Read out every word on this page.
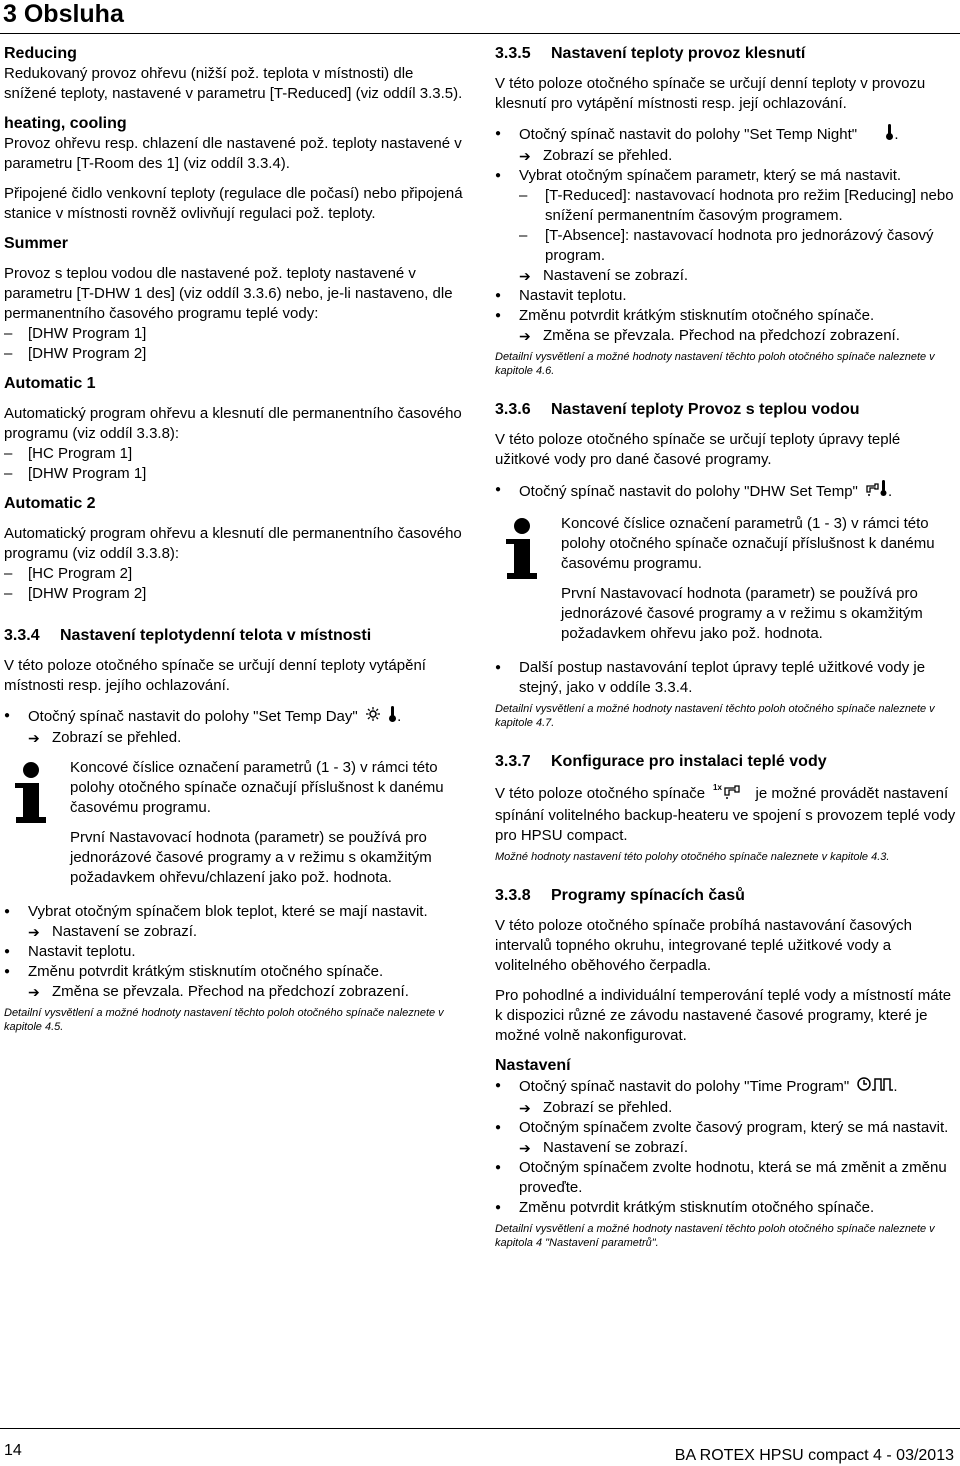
3 Obsluha

Reducing

Redukovaný provoz ohřevu (nižší pož. teplota v místnosti) dle snížené teploty, nastavené v parametru [T-Reduced] (viz oddíl 3.3.5).

heating, cooling

Provoz ohřevu resp. chlazení dle nastavené pož. teploty nastavené v parametru [T-Room des 1] (viz oddíl 3.3.4).

Připojené čidlo venkovní teploty (regulace dle počasí) nebo připojená stanice v místnosti rovněž ovlivňují regulaci pož. teploty.

Summer

Provoz s teplou vodou dle nastavené pož. teploty nastavené v parametru [T-DHW 1 des] (viz oddíl 3.3.6) nebo, je-li nastaveno, dle permanentního časového programu teplé vody:

– [DHW Program 1]
– [DHW Program 2]

Automatic 1

Automatický program ohřevu a klesnutí dle permanentního časového programu (viz oddíl 3.3.8):

– [HC Program 1]
– [DHW Program 1]

Automatic 2

Automatický program ohřevu a klesnutí dle permanentního časového programu (viz oddíl 3.3.8):

– [HC Program 2]
– [DHW Program 2]
3.3.4 Nastavení teplotydenní telota v místnosti

V této poloze otočného spínače se určují denní teploty vytápění místnosti resp. jejího ochlazování.

● Otočný spínač nastavit do polohy "Set Temp Day"	.
➔ Zobrazí se přehled.

Koncové číslice označení parametrů (1 - 3) v rámci této polohy otočného spínače označují příslušnost k danému časovému programu.

První Nastavovací hodnota (parametr) se používá pro jednorázové časové programy a v režimu s okamžitým požadavkem ohřevu/chlazení jako pož. hodnota.

● Vybrat otočným spínačem blok teplot, které se mají nastavit.
➔ Nastavení se zobrazí.
● Nastavit teplotu.
● Změnu potvrdit krátkým stisknutím otočného spínače.
➔ Změna se převzala. Přechod na předchozí zobrazení.

Detailní vysvětlení a možné hodnoty nastavení těchto poloh otočného spínače naleznete v kapitole 4.5.

3.3.5 Nastavení teploty provoz klesnutí

V této poloze otočného spínače se určují denní teploty v provozu klesnutí pro vytápění místnosti resp. její ochlazování.

● Otočný spínač nastavit do polohy "Set Temp Night" .
➔ Zobrazí se přehled.
● Vybrat otočným spínačem parametr, který se má nastavit.
– [T-Reduced]: nastavovací hodnota pro režim [Reducing] nebo snížení permanentním časovým programem.
– [T-Absence]: nastavovací hodnota pro jednorázový časový program.
➔ Nastavení se zobrazí.
● Nastavit teplotu.
● Změnu potvrdit krátkým stisknutím otočného spínače.
➔ Změna se převzala. Přechod na předchozí zobrazení.

Detailní vysvětlení a možné hodnoty nastavení těchto poloh otočného spínače naleznete v kapitole 4.6.

3.3.6 Nastavení teploty Provoz s teplou vodou

V této poloze otočného spínače se určují teploty úpravy teplé užitkové vody pro dané časové programy.

● Otočný spínač nastavit do polohy "DHW Set Temp" .

Koncové číslice označení parametrů (1 - 3) v rámci této polohy otočného spínače označují příslušnost k danému časovému programu.

První Nastavovací hodnota (parametr) se používá pro jednorázové časové programy a v režimu s okamžitým požadavkem ohřevu jako pož. hodnota.

● Další postup nastavování teplot úpravy teplé užitkové vody je stejný, jako v oddíle 3.3.4.

Detailní vysvětlení a možné hodnoty nastavení těchto poloh otočného spínače naleznete v kapitole 4.7.

3.3.7 Konfigurace pro instalaci teplé vody

V této poloze otočného spínače 1x je možné provádět nastavení spínání volitelného backup-heateru ve spojení s provozem teplé vody pro HPSU compact.

Možné hodnoty nastavení této polohy otočného spínače naleznete v kapitole 4.3.

3.3.8 Programy spínacích časů

V této poloze otočného spínače probíhá nastavování časových intervalů topného okruhu, integrované teplé užitkové vody a volitelného oběhového čerpadla.

Pro pohodlné a individuální temperování teplé vody a místností máte k dispozici různé ze závodu nastavené časové programy, které je možné volně nakonfigurovat.

Nastavení

● Otočný spínač nastavit do polohy "Time Program"	.
➔ Zobrazí se přehled.
● Otočným spínačem zvolte časový program, který se má nastavit.
➔ Nastavení se zobrazí.
● Otočným spínačem zvolte hodnotu, která se má změnit a změnu proveďte.
● Změnu potvrdit krátkým stisknutím otočného spínače.

Detailní vysvětlení a možné hodnoty nastavení těchto poloh otočného spínače naleznete v kapitola 4 "Nastavení parametrů".

14	BA ROTEX HPSU compact 4 - 03/2013
